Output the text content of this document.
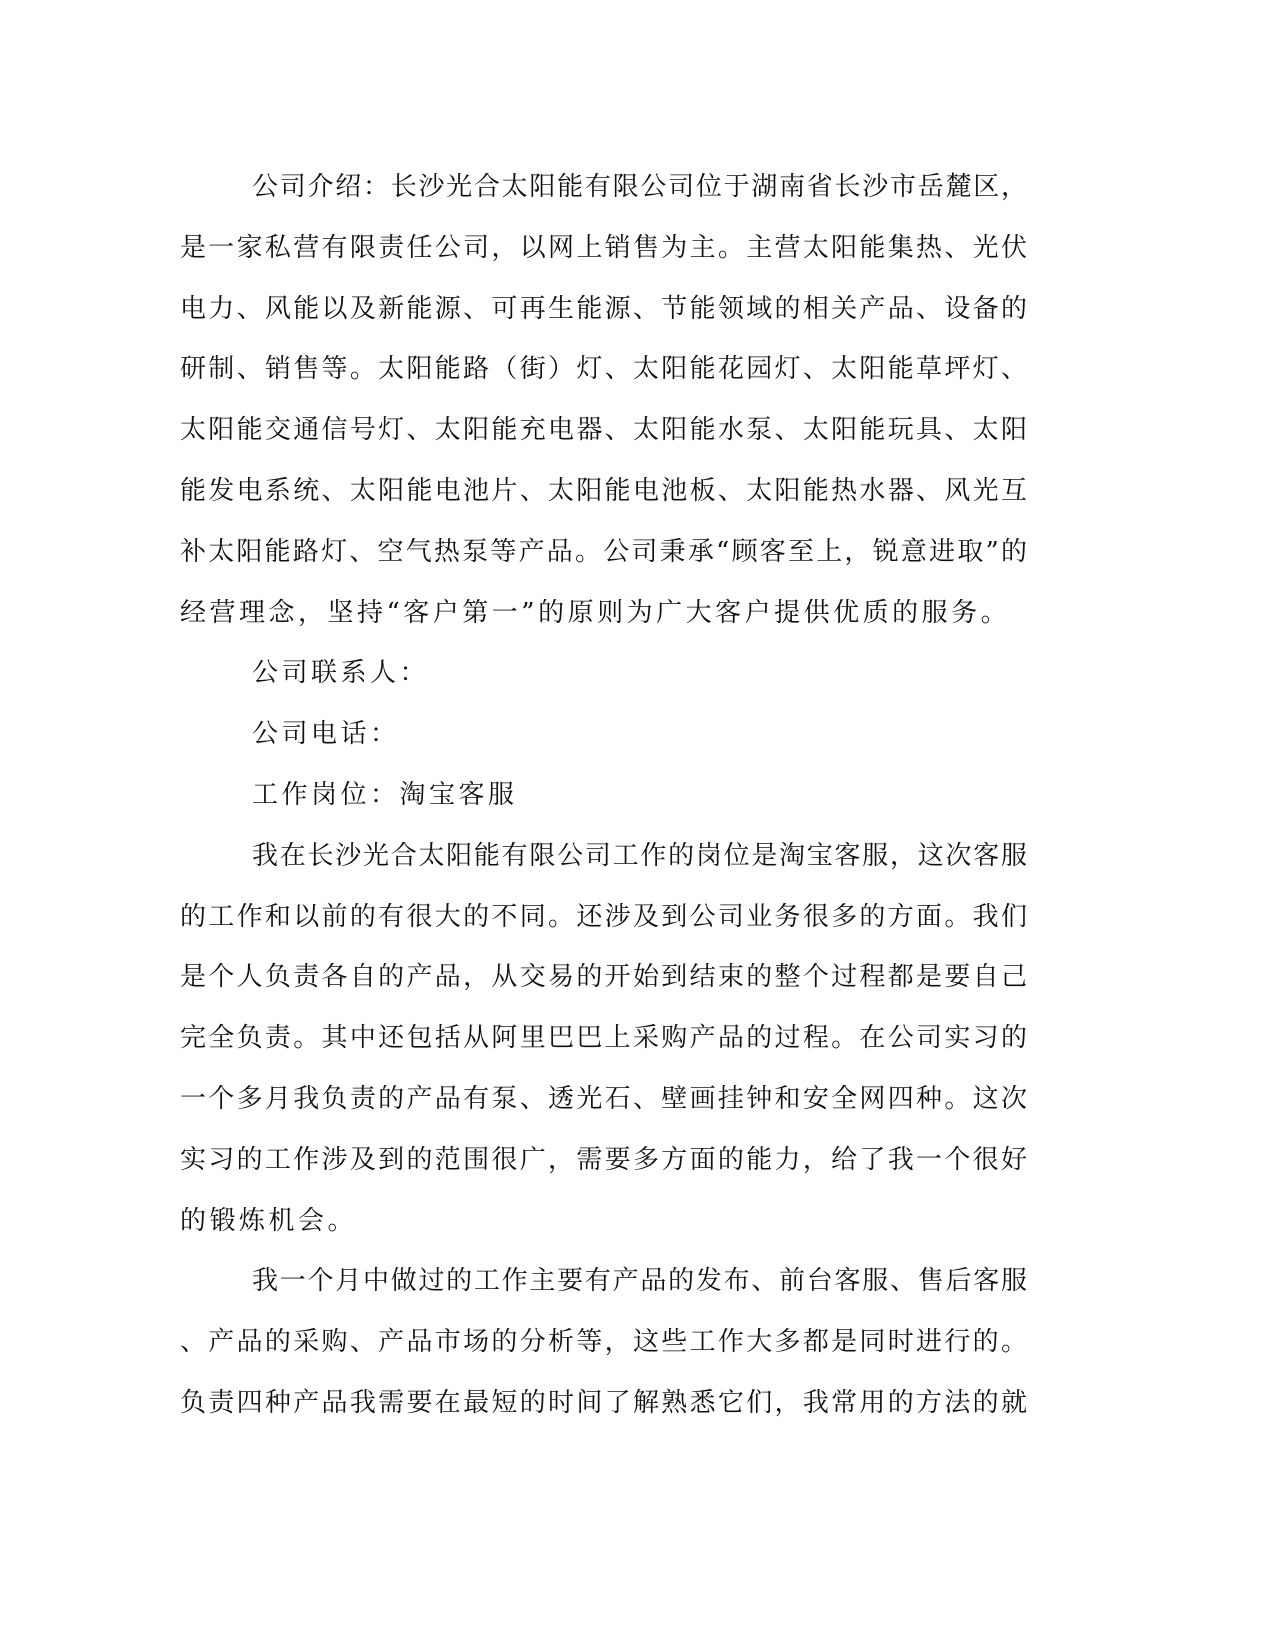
公司介绍：长沙光合太阳能有限公司位于湖南省长沙市岳麓区，
是一家私营有限责任公司，以网上销售为主。主营太阳能集热、光伏
电力、风能以及新能源、可再生能源、节能领域的相关产品、设备的
研制、销售等。太阳能路（街）灯、太阳能花园灯、太阳能草坪灯、
太阳能交通信号灯、太阳能充电器、太阳能水泵、太阳能玩具、太阳
能发电系统、太阳能电池片、太阳能电池板、太阳能热水器、风光互
补太阳能路灯、空气热泵等产品。公司秉承“顾客至上，锐意进取”的
经营理念，坚持“客户第一”的原则为广大客户提供优质的服务。
公司联系人：
公司电话：
工作岗位：淘宝客服
我在长沙光合太阳能有限公司工作的岗位是淘宝客服，这次客服
的工作和以前的有很大的不同。还涉及到公司业务很多的方面。我们
是个人负责各自的产品，从交易的开始到结束的整个过程都是要自己
完全负责。其中还包括从阿里巴巴上采购产品的过程。在公司实习的
一个多月我负责的产品有泵、透光石、壁画挂钟和安全网四种。这次
实习的工作涉及到的范围很广，需要多方面的能力，给了我一个很好
的锻炼机会。
我一个月中做过的工作主要有产品的发布、前台客服、售后客服
、产品的采购、产品市场的分析等，这些工作大多都是同时进行的。
负责四种产品我需要在最短的时间了解熟悉它们，我常用的方法的就
